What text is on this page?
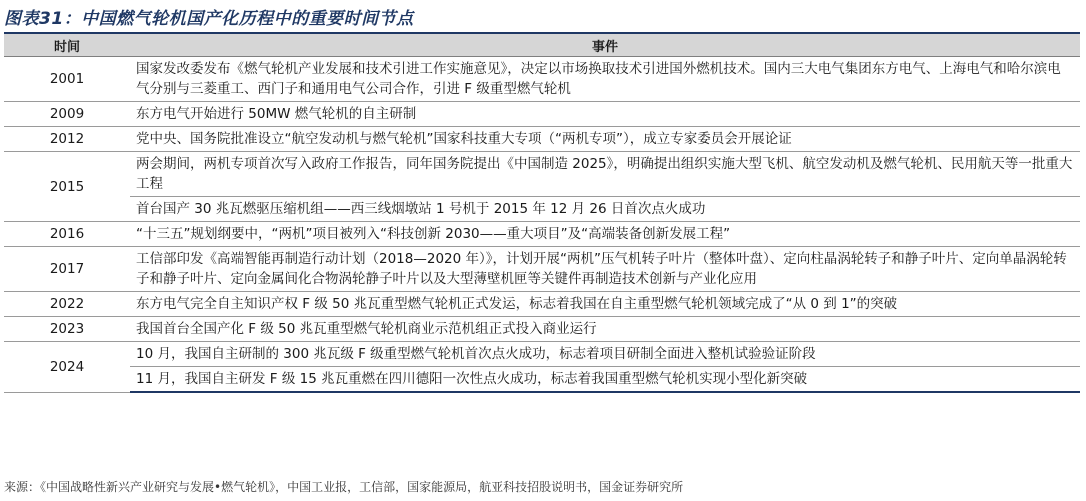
图表31：中国燃气轮机国产化历程中的重要时间节点
时间	事件
2001	国家发改委发布《燃气轮机产业发展和技术引进工作实施意见》，决定以市场换取技术引进国外燃机技术。国内三大电气集团东方电气、上海电气和哈尔滨电气分别与三菱重工、西门子和通用电气公司合作，引进 F 级重型燃气轮机
2009	东方电气开始进行 50MW 燃气轮机的自主研制
2012	党中央、国务院批准设立“航空发动机与燃气轮机”国家科技重大专项（“两机专项”），成立专家委员会开展论证
2015	两会期间，两机专项首次写入政府工作报告，同年国务院提出《中国制造 2025》，明确提出组织实施大型飞机、航空发动机及燃气轮机、民用航天等一批重大工程
	首台国产 30 兆瓦燃驱压缩机组——西三线烟墩站 1 号机于 2015 年 12 月 26 日首次点火成功
2016	“十三五”规划纲要中，“两机”项目被列入“科技创新 2030——重大项目”及“高端装备创新发展工程”
2017	工信部印发《高端智能再制造行动计划（2018—2020 年）》，计划开展“两机”压气机转子叶片（整体叶盘）、定向柱晶涡轮转子和静子叶片、定向单晶涡轮转子和静子叶片、定向金属间化合物涡轮静子叶片以及大型薄壁机匣等关键件再制造技术创新与产业化应用
2022	东方电气完全自主知识产权 F 级 50 兆瓦重型燃气轮机正式发运，标志着我国在自主重型燃气轮机领域完成了“从 0 到 1”的突破
2023	我国首台全国产化 F 级 50 兆瓦重型燃气轮机商业示范机组正式投入商业运行
2024	10 月，我国自主研制的 300 兆瓦级 F 级重型燃气轮机首次点火成功，标志着项目研制全面进入整机试验验证阶段
	11 月，我国自主研发 F 级 15 兆瓦重燃在四川德阳一次性点火成功，标志着我国重型燃气轮机实现小型化新突破
来源：《中国战略性新兴产业研究与发展•燃气轮机》，中国工业报，工信部，国家能源局，航亚科技招股说明书，国金证券研究所
